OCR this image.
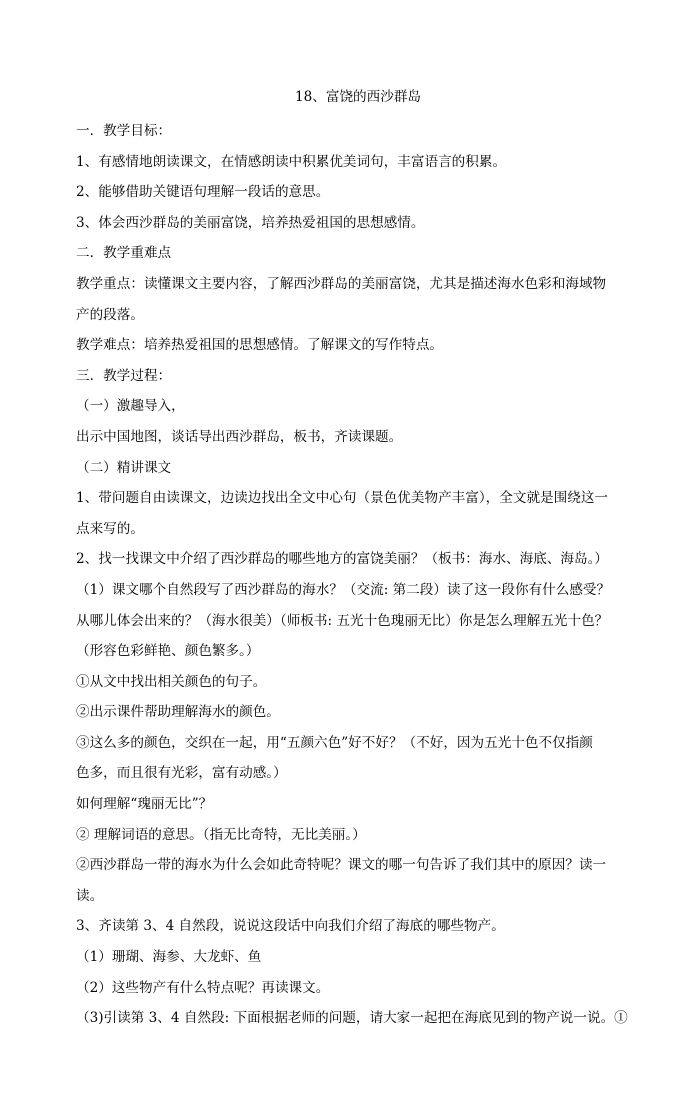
18、富饶的西沙群岛
一．教学目标：
1、有感情地朗读课文，在情感朗读中积累优美词句，丰富语言的积累。
2、能够借助关键语句理解一段话的意思。
3、体会西沙群岛的美丽富饶，培养热爱祖国的思想感情。
二．教学重难点
教学重点：读懂课文主要内容，了解西沙群岛的美丽富饶，尤其是描述海水色彩和海域物
产的段落。
教学难点：培养热爱祖国的思想感情。了解课文的写作特点。
三．教学过程：
（一）激趣导入，
出示中国地图，谈话导出西沙群岛，板书，齐读课题。
（二）精讲课文
1、带问题自由读课文，边读边找出全文中心句（景色优美物产丰富），全文就是围绕这一
点来写的。
2、找一找课文中介绍了西沙群岛的哪些地方的富饶美丽？（板书：海水、海底、海岛。）
（1）课文哪个自然段写了西沙群岛的海水？（交流: 第二段）读了这一段你有什么感受？
从哪儿体会出来的？（海水很美）（师板书: 五光十色瑰丽无比）你是怎么理解五光十色？
（形容色彩鲜艳、颜色繁多。）
①从文中找出相关颜色的句子。
②出示课件帮助理解海水的颜色。
③这么多的颜色，交织在一起，用“五颜六色”好不好？（不好，因为五光十色不仅指颜
色多，而且很有光彩，富有动感。）
如何理解“瑰丽无比”？
② 理解词语的意思。（指无比奇特，无比美丽。）
②西沙群岛一带的海水为什么会如此奇特呢？课文的哪一句告诉了我们其中的原因？读一
读。
3、齐读第 3、4 自然段，说说这段话中向我们介绍了海底的哪些物产。
（1）珊瑚、海参、大龙虾、鱼
（2）这些物产有什么特点呢？再读课文。
（3)引读第 3、4 自然段: 下面根据老师的问题，请大家一起把在海底见到的物产说一说。①
